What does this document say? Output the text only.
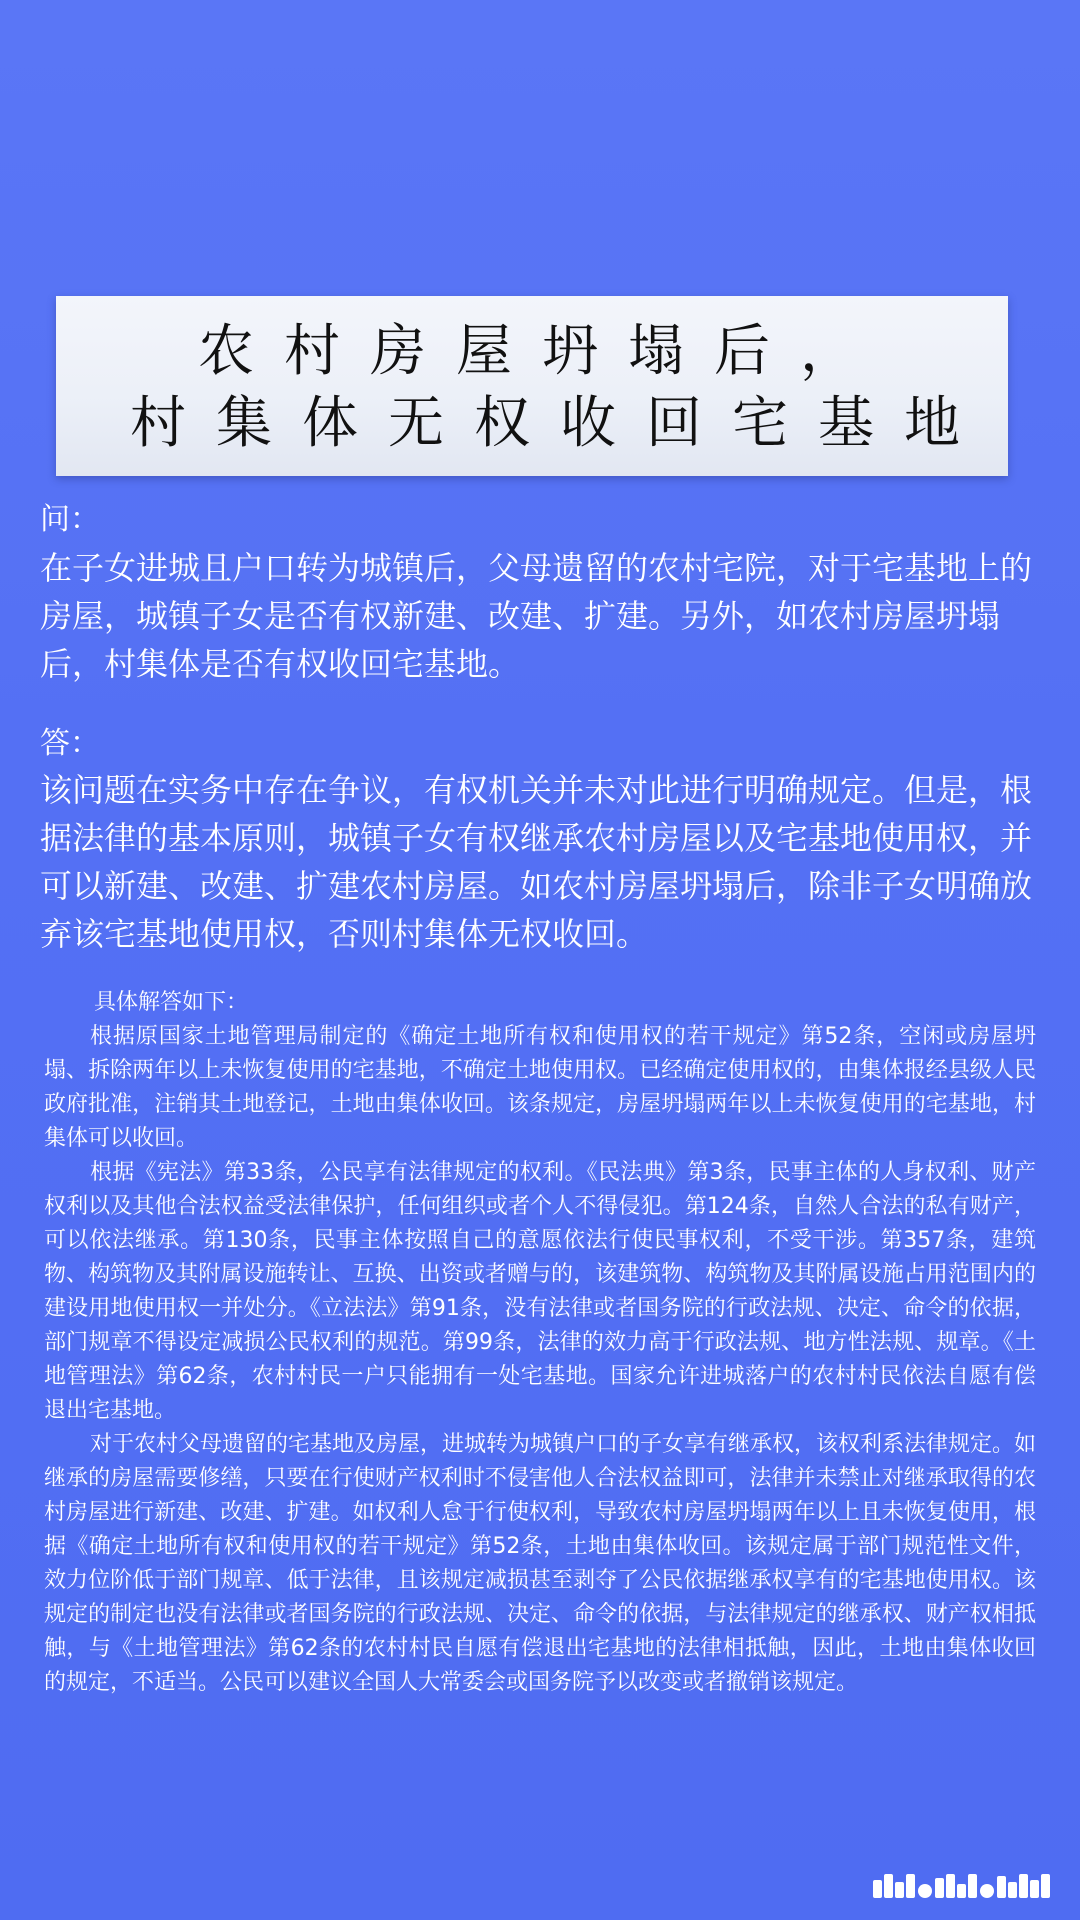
农村房屋坍塌后，
村集体无权收回宅基地
问：
在子女进城且户口转为城镇后，父母遗留的农村宅院，对于宅基地上的房屋，城镇子女是否有权新建、改建、扩建。另外，如农村房屋坍塌后，村集体是否有权收回宅基地。
答：
该问题在实务中存在争议，有权机关并未对此进行明确规定。但是，根据法律的基本原则，城镇子女有权继承农村房屋以及宅基地使用权，并可以新建、改建、扩建农村房屋。如农村房屋坍塌后，除非子女明确放弃该宅基地使用权，否则村集体无权收回。

具体解答如下：

根据原国家土地管理局制定的《确定土地所有权和使用权的若干规定》第52条，空闲或房屋坍塌、拆除两年以上未恢复使用的宅基地，不确定土地使用权。已经确定使用权的，由集体报经县级人民政府批准，注销其土地登记，土地由集体收回。该条规定，房屋坍塌两年以上未恢复使用的宅基地，村集体可以收回。

根据《宪法》第33条，公民享有法律规定的权利。《民法典》第3条，民事主体的人身权利、财产权利以及其他合法权益受法律保护，任何组织或者个人不得侵犯。第124条，自然人合法的私有财产，可以依法继承。第130条，民事主体按照自己的意愿依法行使民事权利，不受干涉。第357条，建筑物、构筑物及其附属设施转让、互换、出资或者赠与的，该建筑物、构筑物及其附属设施占用范围内的建设用地使用权一并处分。《立法法》第91条，没有法律或者国务院的行政法规、决定、命令的依据，部门规章不得设定减损公民权利的规范。第99条，法律的效力高于行政法规、地方性法规、规章。《土地管理法》第62条，农村村民一户只能拥有一处宅基地。国家允许进城落户的农村村民依法自愿有偿退出宅基地。

对于农村父母遗留的宅基地及房屋，进城转为城镇户口的子女享有继承权，该权利系法律规定。如继承的房屋需要修缮，只要在行使财产权利时不侵害他人合法权益即可，法律并未禁止对继承取得的农村房屋进行新建、改建、扩建。如权利人怠于行使权利，导致农村房屋坍塌两年以上且未恢复使用，根据《确定土地所有权和使用权的若干规定》第52条，土地由集体收回。该规定属于部门规范性文件，效力位阶低于部门规章、低于法律，且该规定减损甚至剥夺了公民依据继承权享有的宅基地使用权。该规定的制定也没有法律或者国务院的行政法规、决定、命令的依据，与法律规定的继承权、财产权相抵触，与《土地管理法》第62条的农村村民自愿有偿退出宅基地的法律相抵触，因此，土地由集体收回的规定，不适当。公民可以建议全国人大常委会或国务院予以改变或者撤销该规定。
